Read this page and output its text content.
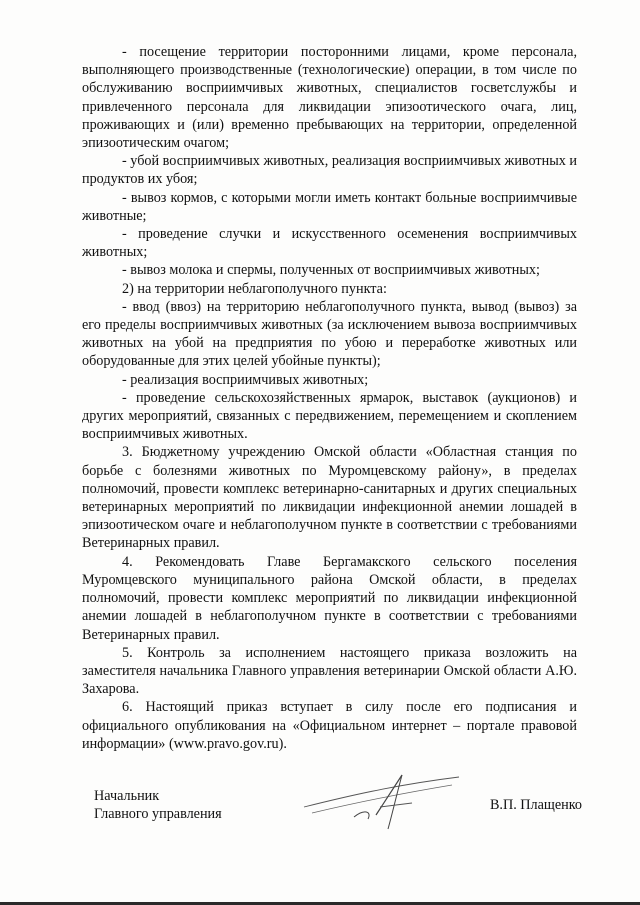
- посещение территории посторонними лицами, кроме персонала, выполняющего производственные (технологические) операции, в том числе по обслуживанию восприимчивых животных, специалистов госветслужбы и привлеченного персонала для ликвидации эпизоотического очага, лиц, проживающих и (или) временно пребывающих на территории, определенной эпизоотическим очагом;

- убой восприимчивых животных, реализация восприимчивых животных и продуктов их убоя;

- вывоз кормов, с которыми могли иметь контакт больные восприимчивые животные;

- проведение случки и искусственного осеменения восприимчивых животных;

- вывоз молока и спермы, полученных от восприимчивых животных;

2) на территории неблагополучного пункта:

- ввод (ввоз) на территорию неблагополучного пункта, вывод (вывоз) за его пределы восприимчивых животных (за исключением вывоза восприимчивых животных на убой на предприятия по убою и переработке животных или оборудованные для этих целей убойные пункты);

- реализация восприимчивых животных;

- проведение сельскохозяйственных ярмарок, выставок (аукционов) и других мероприятий, связанных с передвижением, перемещением и скоплением восприимчивых животных.

3. Бюджетному учреждению Омской области «Областная станция по борьбе с болезнями животных по Муромцевскому району», в пределах полномочий, провести комплекс ветеринарно-санитарных и других специальных ветеринарных мероприятий по ликвидации инфекционной анемии лошадей в эпизоотическом очаге и неблагополучном пункте в соответствии с требованиями Ветеринарных правил.

4. Рекомендовать Главе Бергамакского сельского поселения Муромцевского муниципального района Омской области, в пределах полномочий, провести комплекс мероприятий по ликвидации инфекционной анемии лошадей в неблагополучном пункте в соответствии с требованиями Ветеринарных правил.

5. Контроль за исполнением настоящего приказа возложить на заместителя начальника Главного управления ветеринарии Омской области А.Ю. Захарова.

6. Настоящий приказ вступает в силу после его подписания и официального опубликования на «Официальном интернет – портале правовой информации» (www.pravo.gov.ru).

Начальник
Главного управления
В.П. Плащенко
